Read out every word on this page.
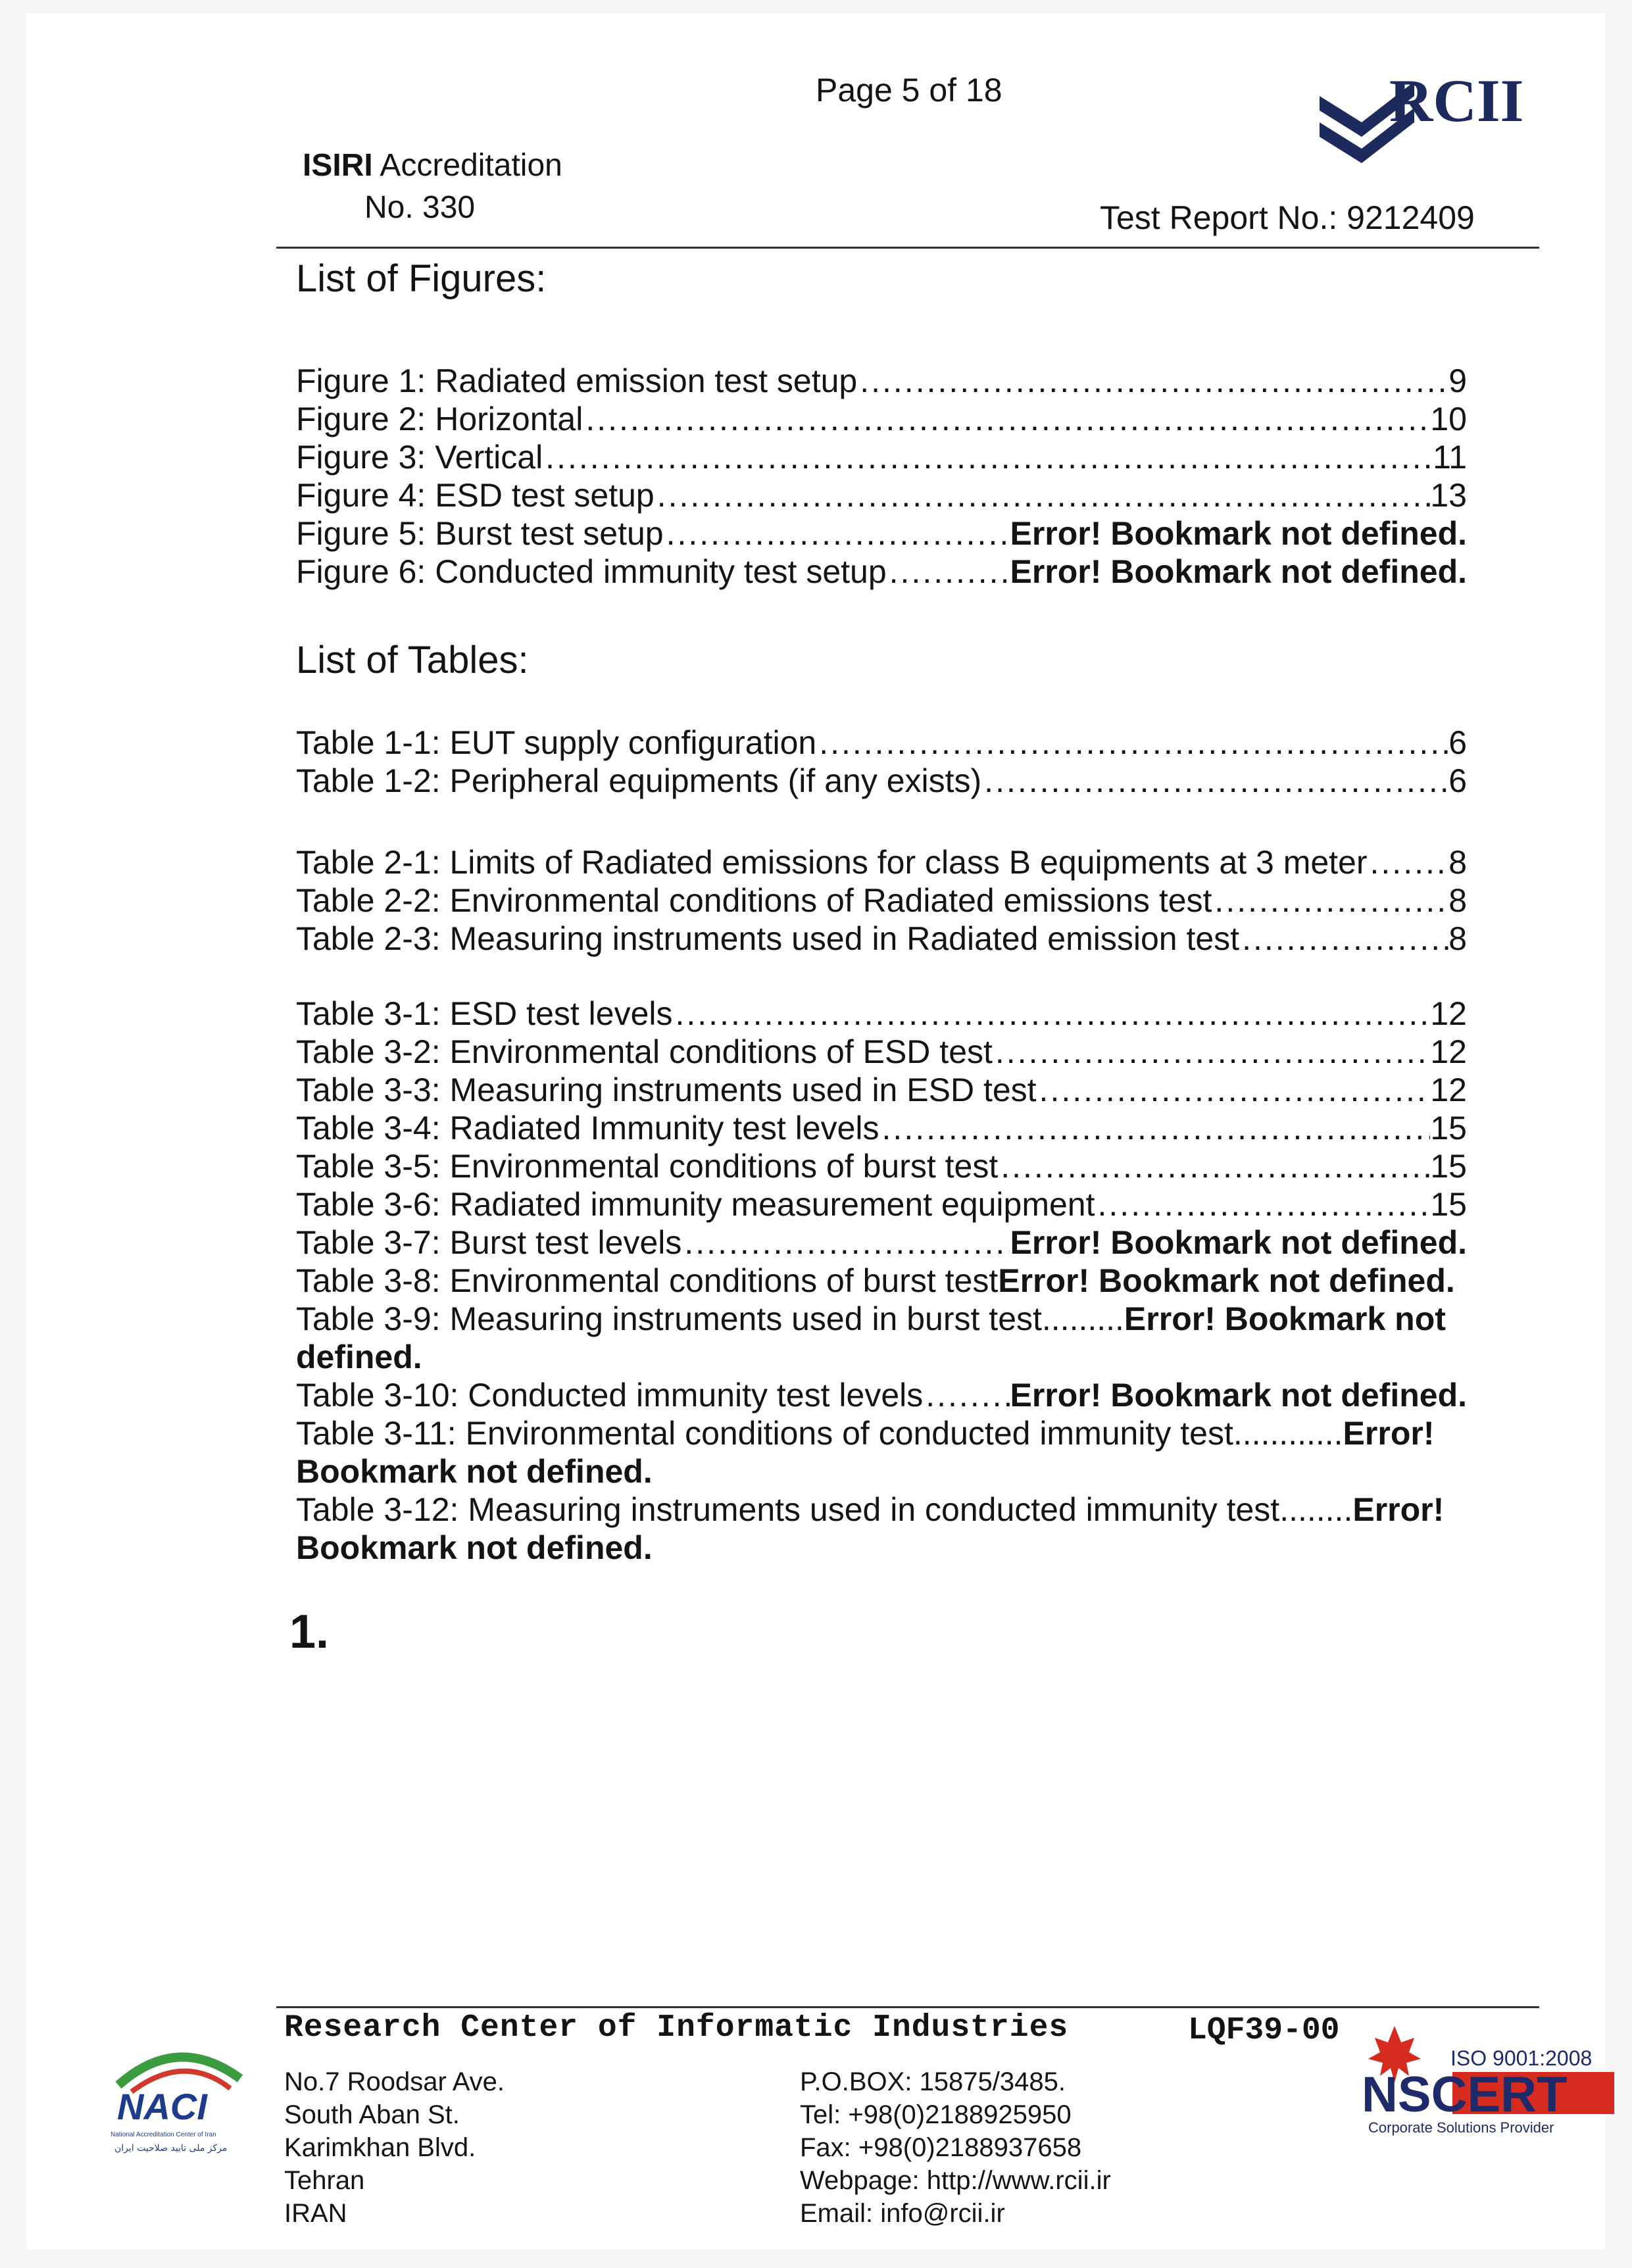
Page 5 of 18
ISIRI Accreditation
No. 330
RCII
Test Report No.: 9212409
List of Figures:
Figure 1: Radiated emission test setup .....	9
Figure 2: Horizontal .....	10
Figure 3: Vertical .....	11
Figure 4: ESD test setup .....	13
Figure 5: Burst test setup .....	Error! Bookmark not defined.
Figure 6: Conducted immunity test setup .....	Error! Bookmark not defined.
List of Tables:
Table 1-1: EUT supply configuration .....	6
Table 1-2: Peripheral equipments (if any exists) .....	6
Table 2-1: Limits of Radiated emissions for class B equipments at 3 meter ..... 8
Table 2-2: Environmental conditions of Radiated emissions test .....	8
Table 2-3: Measuring instruments used in Radiated emission test .....	8
Table 3-1: ESD test levels .....	12
Table 3-2: Environmental conditions of ESD test .....	12
Table 3-3: Measuring instruments used in ESD test .....	12
Table 3-4: Radiated Immunity test levels .....	15
Table 3-5: Environmental conditions of burst test .....	15
Table 3-6: Radiated immunity measurement equipment .....	15
Table 3-7: Burst test levels .....	Error! Bookmark not defined.
Table 3-8: Environmental conditions of burst test Error! Bookmark not defined.
Table 3-9: Measuring instruments used in burst test.........Error! Bookmark not defined.
Table 3-10: Conducted immunity test levels .....	Error! Bookmark not defined.
Table 3-11: Environmental conditions of conducted immunity test............Error! Bookmark not defined.
Table 3-12: Measuring instruments used in conducted immunity test........Error! Bookmark not defined.
1.
Research Center of Informatic Industries	LQF39-00
No.7 Roodsar Ave.
South Aban St.
Karimkhan Blvd.
Tehran
IRAN
P.O.BOX: 15875/3485.
Tel: +98(0)2188925950
Fax: +98(0)2188937658
Webpage: http://www.rcii.ir
Email: info@rcii.ir
NACI
National Accreditation Center of Iran
مرکز ملی تایید صلاحیت ایران
ISO 9001:2008
NSCERT
Corporate Solutions Provider
